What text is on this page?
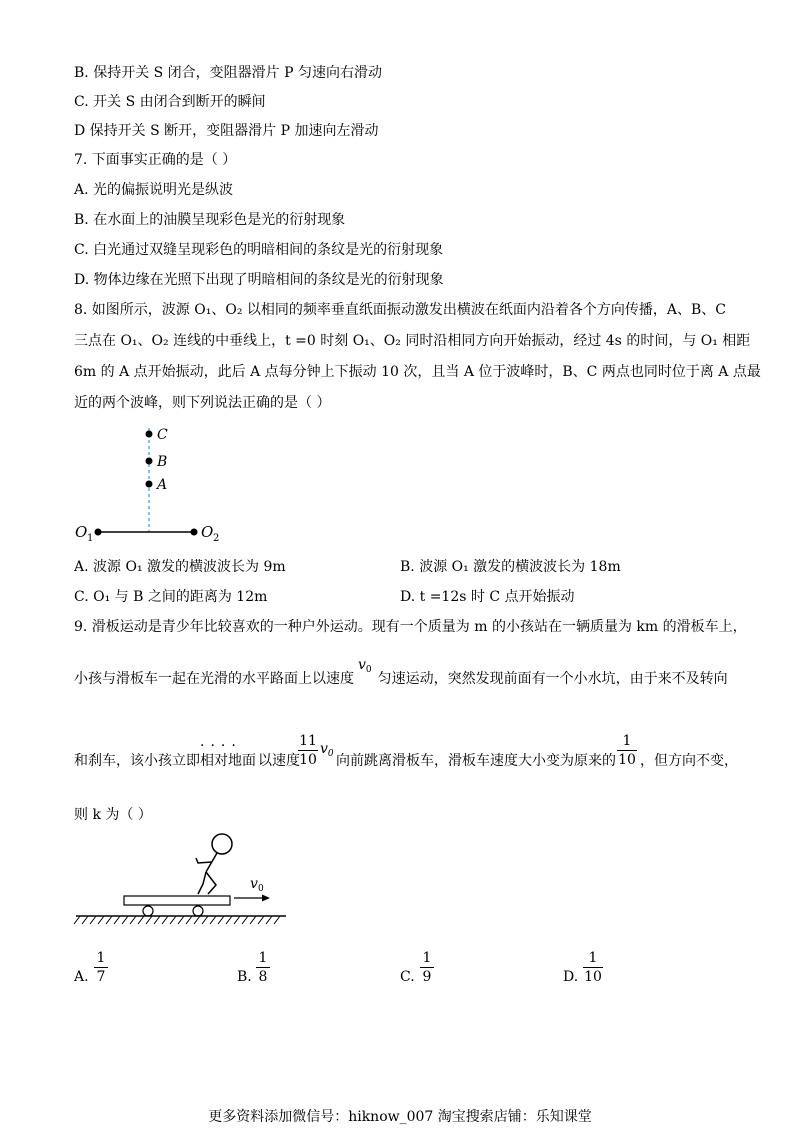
B. 保持开关 S 闭合，变阻器滑片 P 匀速向右滑动
C. 开关 S 由闭合到断开的瞬间
D 保持开关 S 断开，变阻器滑片 P 加速向左滑动
7. 下面事实正确的是（ ）
A. 光的偏振说明光是纵波
B. 在水面上的油膜呈现彩色是光的衍射现象
C. 白光通过双缝呈现彩色的明暗相间的条纹是光的衍射现象
D. 物体边缘在光照下出现了明暗相间的条纹是光的衍射现象
8. 如图所示，波源 O₁、O₂ 以相同的频率垂直纸面振动激发出横波在纸面内沿着各个方向传播，A、B、C
三点在 O₁、O₂ 连线的中垂线上，t =0 时刻 O₁、O₂ 同时沿相同方向开始振动，经过 4s 的时间，与 O₁ 相距
6m 的 A 点开始振动，此后 A 点每分钟上下振动 10 次，且当 A 位于波峰时，B、C 两点也同时位于离 A 点最
近的两个波峰，则下列说法正确的是（ ）
C
B
A
O 1	O 2
A. 波源 O₁ 激发的横波波长为 9m	B. 波源 O₁ 激发的横波波长为 18m
C. O₁ 与 B 之间的距离为 12m	D. t =12s 时 C 点开始振动
9. 滑板运动是青少年比较喜欢的一种户外运动。现有一个质量为 m 的小孩站在一辆质量为 km 的滑板车上，
小孩与滑板车一起在光滑的水平路面上以速度$v_0$匀速运动，突然发现前面有一个小水坑，由于来不及转向
和刹车，该小孩立即
····
相对地面 以速度
11
10
$v_0$ 向前跳离滑板车，滑板车速度大小变为原来的
1
10 ，但方向不变，
则 k 为（ ）
v 0
A.
1
7	B.
1
8	C.
1
9	D.
1
10
更多资料添加微信号：hiknow_007 淘宝搜索店铺：乐知课堂
